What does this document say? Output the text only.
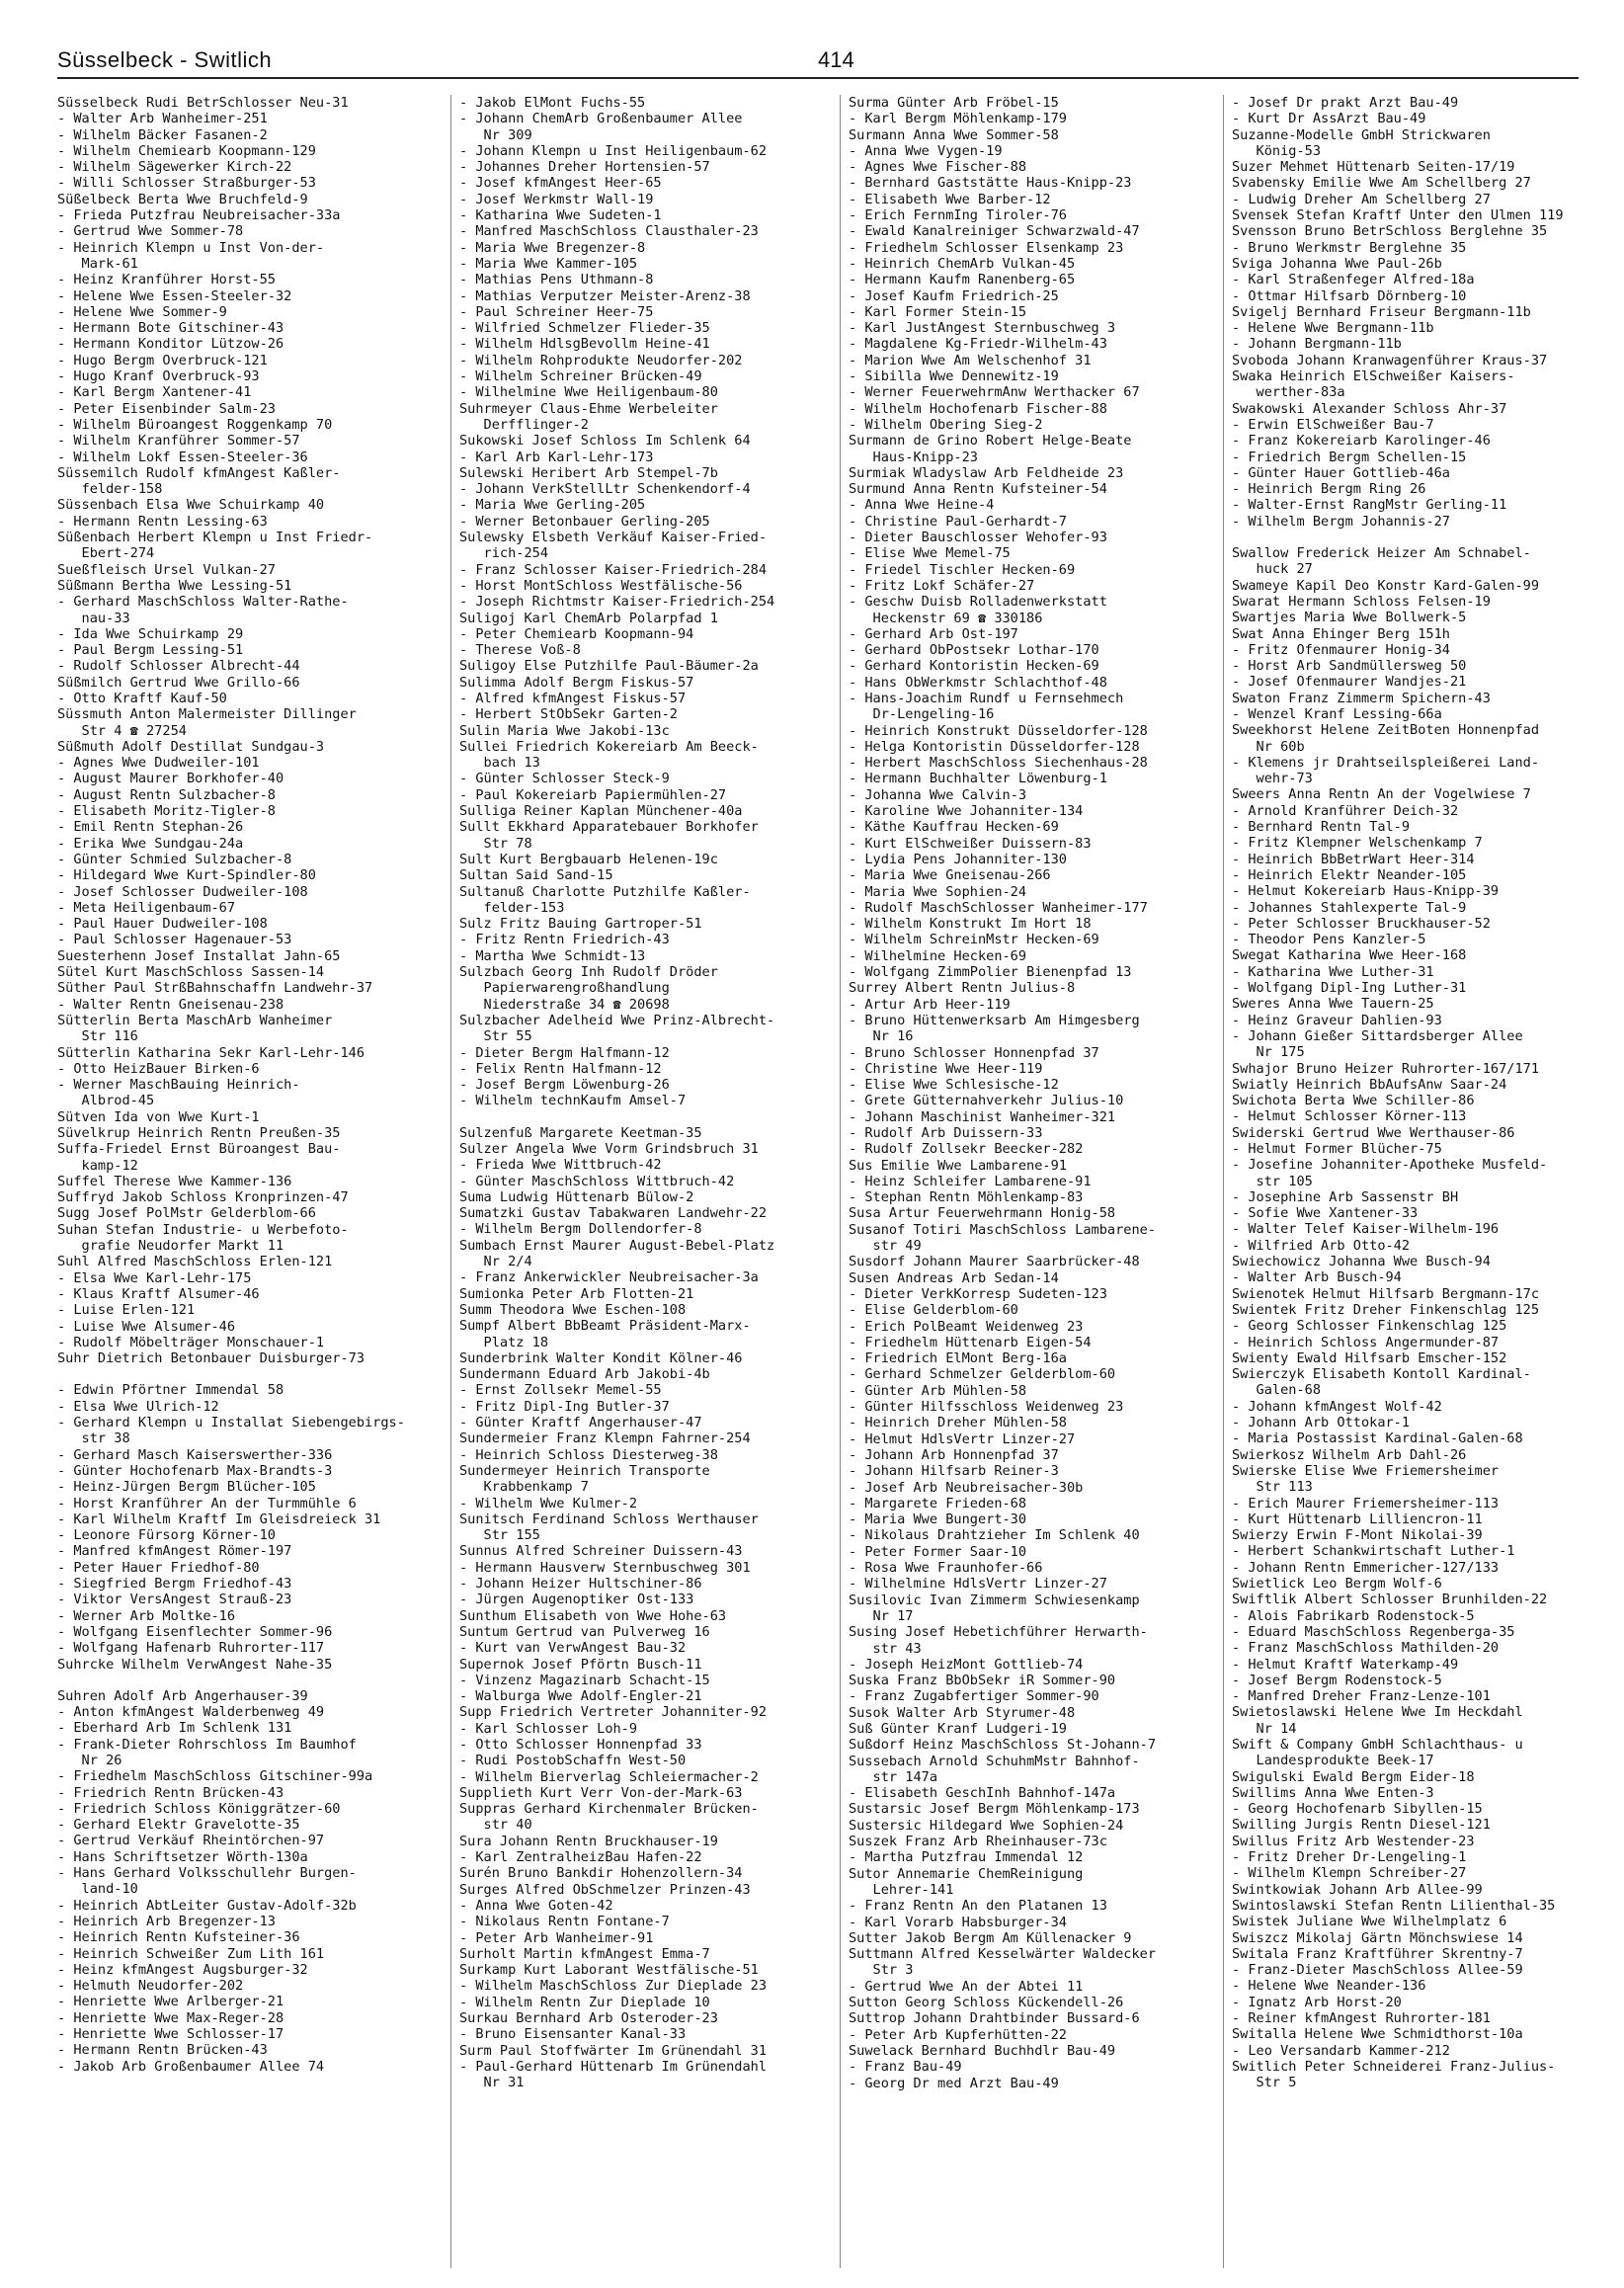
Süsselbeck - Switlich	414
Süsselbeck Rudi BetrSchlosser Neu-31
- Walter Arb Wanheimer-251
- Wilhelm Bäcker Fasanen-2
- Wilhelm Chemiearb Koopmann-129
- Wilhelm Sägewerker Kirch-22
- Willi Schlosser Straßburger-53
Süßelbeck Berta Wwe Bruchfeld-9
- Frieda Putzfrau Neubreisacher-33a
- Gertrud Wwe Sommer-78
- Heinrich Klempn u Inst Von-der-
Mark-61
- Heinz Kranführer Horst-55
- Helene Wwe Essen-Steeler-32
- Helene Wwe Sommer-9
- Hermann Bote Gitschiner-43
- Hermann Konditor Lützow-26
- Hugo Bergm Overbruck-121
- Hugo Kranf Overbruck-93
- Karl Bergm Xantener-41
- Peter Eisenbinder Salm-23
- Wilhelm Büroangest Roggenkamp 70
- Wilhelm Kranführer Sommer-57
- Wilhelm Lokf Essen-Steeler-36
Süssemilch Rudolf kfmAngest Kaßler-
felder-158
Süssenbach Elsa Wwe Schuirkamp 40
- Hermann Rentn Lessing-63
Süßenbach Herbert Klempn u Inst Friedr-
Ebert-274
Sueßfleisch Ursel Vulkan-27
Süßmann Bertha Wwe Lessing-51
- Gerhard MaschSchloss Walter-Rathe-
nau-33
- Ida Wwe Schuirkamp 29
- Paul Bergm Lessing-51
- Rudolf Schlosser Albrecht-44
Süßmilch Gertrud Wwe Grillo-66
- Otto Kraftf Kauf-50
Süssmuth Anton Malermeister Dillinger
Str 4 ☎ 27254
Süßmuth Adolf Destillat Sundgau-3
- Agnes Wwe Dudweiler-101
- August Maurer Borkhofer-40
- August Rentn Sulzbacher-8
- Elisabeth Moritz-Tigler-8
- Emil Rentn Stephan-26
- Erika Wwe Sundgau-24a
- Günter Schmied Sulzbacher-8
- Hildegard Wwe Kurt-Spindler-80
- Josef Schlosser Dudweiler-108
- Meta Heiligenbaum-67
- Paul Hauer Dudweiler-108
- Paul Schlosser Hagenauer-53
Suesterhenn Josef Installat Jahn-65
Sütel Kurt MaschSchloss Sassen-14
Süther Paul StrßBahnschaffn Landwehr-37
- Walter Rentn Gneisenau-238
Sütterlin Berta MaschArb Wanheimer
Str 116
Sütterlin Katharina Sekr Karl-Lehr-146
- Otto HeizBauer Birken-6
- Werner MaschBauing Heinrich-
Albrod-45
Sütven Ida von Wwe Kurt-1
Süvelkrup Heinrich Rentn Preußen-35
Suffa-Friedel Ernst Büroangest Bau-
kamp-12
Suffel Therese Wwe Kammer-136
Suffryd Jakob Schloss Kronprinzen-47
Sugg Josef PolMstr Gelderblom-66
Suhan Stefan Industrie- u Werbefoto-
grafie Neudorfer Markt 11
Suhl Alfred MaschSchloss Erlen-121
- Elsa Wwe Karl-Lehr-175
- Klaus Kraftf Alsumer-46
- Luise Erlen-121
- Luise Wwe Alsumer-46
- Rudolf Möbelträger Monschauer-1
Suhr Dietrich Betonbauer Duisburger-73
- Edwin Pförtner Immendal 58
- Elsa Wwe Ulrich-12
- Gerhard Klempn u Installat Siebengebirgs-
str 38
- Gerhard Masch Kaiserswerther-336
- Günter Hochofenarb Max-Brandts-3
- Heinz-Jürgen Bergm Blücher-105
- Horst Kranführer An der Turmmühle 6
- Karl Wilhelm Kraftf Im Gleisdreieck 31
- Leonore Fürsorg Körner-10
- Manfred kfmAngest Römer-197
- Peter Hauer Friedhof-80
- Siegfried Bergm Friedhof-43
- Viktor VersAngest Strauß-23
- Werner Arb Moltke-16
- Wolfgang Eisenflechter Sommer-96
- Wolfgang Hafenarb Ruhrorter-117
Suhrcke Wilhelm VerwAngest Nahe-35
Suhren Adolf Arb Angerhauser-39
- Anton kfmAngest Walderbenweg 49
- Eberhard Arb Im Schlenk 131
- Frank-Dieter Rohrschloss Im Baumhof
Nr 26
- Friedhelm MaschSchloss Gitschiner-99a
- Friedrich Rentn Brücken-43
- Friedrich Schloss Königgrätzer-60
- Gerhard Elektr Gravelotte-35
- Gertrud Verkäuf Rheintörchen-97
- Hans Schriftsetzer Wörth-130a
- Hans Gerhard Volksschullehr Burgen-
land-10
- Heinrich AbtLeiter Gustav-Adolf-32b
- Heinrich Arb Bregenzer-13
- Heinrich Rentn Kufsteiner-36
- Heinrich Schweißer Zum Lith 161
- Heinz kfmAngest Augsburger-32
- Helmuth Neudorfer-202
- Henriette Wwe Arlberger-21
- Henriette Wwe Max-Reger-28
- Henriette Wwe Schlosser-17
- Hermann Rentn Brücken-43
- Jakob Arb Großenbaumer Allee 74
- Jakob ElMont Fuchs-55
- Johann ChemArb Großenbaumer Allee
Nr 309
- Johann Klempn u Inst Heiligenbaum-62
- Johannes Dreher Hortensien-57
- Josef kfmAngest Heer-65
- Josef Werkmstr Wall-19
- Katharina Wwe Sudeten-1
- Manfred MaschSchloss Clausthaler-23
- Maria Wwe Bregenzer-8
- Maria Wwe Kammer-105
- Mathias Pens Uthmann-8
- Mathias Verputzer Meister-Arenz-38
- Paul Schreiner Heer-75
- Wilfried Schmelzer Flieder-35
- Wilhelm HdlsgBevollm Heine-41
- Wilhelm Rohprodukte Neudorfer-202
- Wilhelm Schreiner Brücken-49
- Wilhelmine Wwe Heiligenbaum-80
Suhrmeyer Claus-Ehme Werbeleiter
Derfflinger-2
Sukowski Josef Schloss Im Schlenk 64
- Karl Arb Karl-Lehr-173
Sulewski Heribert Arb Stempel-7b
- Johann VerkStellLtr Schenkendorf-4
- Maria Wwe Gerling-205
- Werner Betonbauer Gerling-205
Sulewsky Elsbeth Verkäuf Kaiser-Fried-
rich-254
- Franz Schlosser Kaiser-Friedrich-284
- Horst MontSchloss Westfälische-56
- Joseph Richtmstr Kaiser-Friedrich-254
Suligoj Karl ChemArb Polarpfad 1
- Peter Chemiearb Koopmann-94
- Therese Voß-8
Suligoy Else Putzhilfe Paul-Bäumer-2a
Sulimma Adolf Bergm Fiskus-57
- Alfred kfmAngest Fiskus-57
- Herbert StObSekr Garten-2
Sulin Maria Wwe Jakobi-13c
Sullei Friedrich Kokereiarb Am Beeck-
bach 13
- Günter Schlosser Steck-9
- Paul Kokereiarb Papiermühlen-27
Sulliga Reiner Kaplan Münchener-40a
Sullt Ekkhard Apparatebauer Borkhofer
Str 78
Sult Kurt Bergbauarb Helenen-19c
Sultan Said Sand-15
Sultanuß Charlotte Putzhilfe Kaßler-
felder-153
Sulz Fritz Bauing Gartroper-51
- Fritz Rentn Friedrich-43
- Martha Wwe Schmidt-13
Sulzbach Georg Inh Rudolf Dröder
Papierwarengroßhandlung
Niederstraße 34 ☎ 20698
Sulzbacher Adelheid Wwe Prinz-Albrecht-
Str 55
- Dieter Bergm Halfmann-12
- Felix Rentn Halfmann-12
- Josef Bergm Löwenburg-26
- Wilhelm technKaufm Amsel-7
Sulzenfuß Margarete Keetman-35
Sulzer Angela Wwe Vorm Grindsbruch 31
- Frieda Wwe Wittbruch-42
- Günter MaschSchloss Wittbruch-42
Suma Ludwig Hüttenarb Bülow-2
Sumatzki Gustav Tabakwaren Landwehr-22
- Wilhelm Bergm Dollendorfer-8
Sumbach Ernst Maurer August-Bebel-Platz
Nr 2/4
- Franz Ankerwickler Neubreisacher-3a
Sumionka Peter Arb Flotten-21
Summ Theodora Wwe Eschen-108
Sumpf Albert BbBeamt Präsident-Marx-
Platz 18
Sunderbrink Walter Kondit Kölner-46
Sundermann Eduard Arb Jakobi-4b
- Ernst Zollsekr Memel-55
- Fritz Dipl-Ing Butler-37
- Günter Kraftf Angerhauser-47
Sundermeier Franz Klempn Fahrner-254
- Heinrich Schloss Diesterweg-38
Sundermeyer Heinrich Transporte
Krabbenkamp 7
- Wilhelm Wwe Kulmer-2
Sunitsch Ferdinand Schloss Werthauser
Str 155
Sunnus Alfred Schreiner Duissern-43
- Hermann Hausverw Sternbuschweg 301
- Johann Heizer Hultschiner-86
- Jürgen Augenoptiker Ost-133
Sunthum Elisabeth von Wwe Hohe-63
Suntum Gertrud van Pulverweg 16
- Kurt van VerwAngest Bau-32
Supernok Josef Pförtn Busch-11
- Vinzenz Magazinarb Schacht-15
- Walburga Wwe Adolf-Engler-21
Supp Friedrich Vertreter Johanniter-92
- Karl Schlosser Loh-9
- Otto Schlosser Honnenpfad 33
- Rudi PostobSchaffn West-50
- Wilhelm Bierverlag Schleiermacher-2
Supplieth Kurt Verr Von-der-Mark-63
Suppras Gerhard Kirchenmaler Brücken-
str 40
Sura Johann Rentn Bruckhauser-19
- Karl ZentralheizBau Hafen-22
Surén Bruno Bankdir Hohenzollern-34
Surges Alfred ObSchmelzer Prinzen-43
- Anna Wwe Goten-42
- Nikolaus Rentn Fontane-7
- Peter Arb Wanheimer-91
Surholt Martin kfmAngest Emma-7
Surkamp Kurt Laborant Westfälische-51
- Wilhelm MaschSchloss Zur Dieplade 23
- Wilhelm Rentn Zur Dieplade 10
Surkau Bernhard Arb Osteroder-23
- Bruno Eisensanter Kanal-33
Surm Paul Stoffwärter Im Grünendahl 31
- Paul-Gerhard Hüttenarb Im Grünendahl
Nr 31
Surma Günter Arb Fröbel-15
- Karl Bergm Möhlenkamp-179
Surmann Anna Wwe Sommer-58
- Anna Wwe Vygen-19
- Agnes Wwe Fischer-88
- Bernhard Gaststätte Haus-Knipp-23
- Elisabeth Wwe Barber-12
- Erich FernmIng Tiroler-76
- Ewald Kanalreiniger Schwarzwald-47
- Friedhelm Schlosser Elsenkamp 23
- Heinrich ChemArb Vulkan-45
- Hermann Kaufm Ranenberg-65
- Josef Kaufm Friedrich-25
- Karl Former Stein-15
- Karl JustAngest Sternbuschweg 3
- Magdalene Kg-Friedr-Wilhelm-43
- Marion Wwe Am Welschenhof 31
- Sibilla Wwe Dennewitz-19
- Werner FeuerwehrmAnw Werthacker 67
- Wilhelm Hochofenarb Fischer-88
- Wilhelm Obering Sieg-2
Surmann de Grino Robert Helge-Beate
Haus-Knipp-23
Surmiak Wladyslaw Arb Feldheide 23
Surmund Anna Rentn Kufsteiner-54
- Anna Wwe Heine-4
- Christine Paul-Gerhardt-7
- Dieter Bauschlosser Wehofer-93
- Elise Wwe Memel-75
- Friedel Tischler Hecken-69
- Fritz Lokf Schäfer-27
- Geschw Duisb Rolladenwerkstatt
Heckenstr 69 ☎ 330186
- Gerhard Arb Ost-197
- Gerhard ObPostsekr Lothar-170
- Gerhard Kontoristin Hecken-69
- Hans ObWerkmstr Schlachthof-48
- Hans-Joachim Rundf u Fernsehmech
Dr-Lengeling-16
- Heinrich Konstrukt Düsseldorfer-128
- Helga Kontoristin Düsseldorfer-128
- Herbert MaschSchloss Siechenhaus-28
- Hermann Buchhalter Löwenburg-1
- Johanna Wwe Calvin-3
- Karoline Wwe Johanniter-134
- Käthe Kauffrau Hecken-69
- Kurt ElSchweißer Duissern-83
- Lydia Pens Johanniter-130
- Maria Wwe Gneisenau-266
- Maria Wwe Sophien-24
- Rudolf MaschSchlosser Wanheimer-177
- Wilhelm Konstrukt Im Hort 18
- Wilhelm SchreinMstr Hecken-69
- Wilhelmine Hecken-69
- Wolfgang ZimmPolier Bienenpfad 13
Surrey Albert Rentn Julius-8
- Artur Arb Heer-119
- Bruno Hüttenwerksarb Am Himgesberg
Nr 16
- Bruno Schlosser Honnenpfad 37
- Christine Wwe Heer-119
- Elise Wwe Schlesische-12
- Grete Gütternahverkehr Julius-10
- Johann Maschinist Wanheimer-321
- Rudolf Arb Duissern-33
- Rudolf Zollsekr Beecker-282
Sus Emilie Wwe Lambarene-91
- Heinz Schleifer Lambarene-91
- Stephan Rentn Möhlenkamp-83
Susa Artur Feuerwehrmann Honig-58
Susanof Totiri MaschSchloss Lambarene-
str 49
Susdorf Johann Maurer Saarbrücker-48
Susen Andreas Arb Sedan-14
- Dieter VerkKorresp Sudeten-123
- Elise Gelderblom-60
- Erich PolBeamt Weidenweg 23
- Friedhelm Hüttenarb Eigen-54
- Friedrich ElMont Berg-16a
- Gerhard Schmelzer Gelderblom-60
- Günter Arb Mühlen-58
- Günter Hilfsschloss Weidenweg 23
- Heinrich Dreher Mühlen-58
- Helmut HdlsVertr Linzer-27
- Johann Arb Honnenpfad 37
- Johann Hilfsarb Reiner-3
- Josef Arb Neubreisacher-30b
- Margarete Frieden-68
- Maria Wwe Bungert-30
- Nikolaus Drahtzieher Im Schlenk 40
- Peter Former Saar-10
- Rosa Wwe Fraunhofer-66
- Wilhelmine HdlsVertr Linzer-27
Susilovic Ivan Zimmerm Schwiesenkamp
Nr 17
Susing Josef Hebetichführer Herwarth-
str 43
- Joseph HeizMont Gottlieb-74
Suska Franz BbObSekr iR Sommer-90
- Franz Zugabfertiger Sommer-90
Susok Walter Arb Styrumer-48
Suß Günter Kranf Ludgeri-19
Sußdorf Heinz MaschSchloss St-Johann-7
Sussebach Arnold SchuhmMstr Bahnhof-
str 147a
- Elisabeth GeschInh Bahnhof-147a
Sustarsic Josef Bergm Möhlenkamp-173
Sustersic Hildegard Wwe Sophien-24
Suszek Franz Arb Rheinhauser-73c
- Martha Putzfrau Immendal 12
Sutor Annemarie ChemReinigung
Lehrer-141
- Franz Rentn An den Platanen 13
- Karl Vorarb Habsburger-34
Sutter Jakob Bergm Am Küllenacker 9
Suttmann Alfred Kesselwärter Waldecker
Str 3
- Gertrud Wwe An der Abtei 11
Sutton Georg Schloss Kückendell-26
Suttrop Johann Drahtbinder Bussard-6
- Peter Arb Kupferhütten-22
Suwelack Bernhard Buchhdlr Bau-49
- Franz Bau-49
- Georg Dr med Arzt Bau-49
- Josef Dr prakt Arzt Bau-49
- Kurt Dr AssArzt Bau-49
Suzanne-Modelle GmbH Strickwaren
König-53
Suzer Mehmet Hüttenarb Seiten-17/19
Svabensky Emilie Wwe Am Schellberg 27
- Ludwig Dreher Am Schellberg 27
Svensek Stefan Kraftf Unter den Ulmen 119
Svensson Bruno BetrSchloss Berglehne 35
- Bruno Werkmstr Berglehne 35
Sviga Johanna Wwe Paul-26b
- Karl Straßenfeger Alfred-18a
- Ottmar Hilfsarb Dörnberg-10
Svigelj Bernhard Friseur Bergmann-11b
- Helene Wwe Bergmann-11b
- Johann Bergmann-11b
Svoboda Johann Kranwagenführer Kraus-37
Swaka Heinrich ElSchweißer Kaisers-
werther-83a
Swakowski Alexander Schloss Ahr-37
- Erwin ElSchweißer Bau-7
- Franz Kokereiarb Karolinger-46
- Friedrich Bergm Schellen-15
- Günter Hauer Gottlieb-46a
- Heinrich Bergm Ring 26
- Walter-Ernst RangMstr Gerling-11
- Wilhelm Bergm Johannis-27
Swallow Frederick Heizer Am Schnabel-
huck 27
Swameye Kapil Deo Konstr Kard-Galen-99
Swarat Hermann Schloss Felsen-19
Swartjes Maria Wwe Bollwerk-5
Swat Anna Ehinger Berg 151h
- Fritz Ofenmaurer Honig-34
- Horst Arb Sandmüllersweg 50
- Josef Ofenmaurer Wandjes-21
Swaton Franz Zimmerm Spichern-43
- Wenzel Kranf Lessing-66a
Sweekhorst Helene ZeitBoten Honnenpfad
Nr 60b
- Klemens jr Drahtseilspleißerei Land-
wehr-73
Sweers Anna Rentn An der Vogelwiese 7
- Arnold Kranführer Deich-32
- Bernhard Rentn Tal-9
- Fritz Klempner Welschenkamp 7
- Heinrich BbBetrWart Heer-314
- Heinrich Elektr Neander-105
- Helmut Kokereiarb Haus-Knipp-39
- Johannes Stahlexperte Tal-9
- Peter Schlosser Bruckhauser-52
- Theodor Pens Kanzler-5
Swegat Katharina Wwe Heer-168
- Katharina Wwe Luther-31
- Wolfgang Dipl-Ing Luther-31
Sweres Anna Wwe Tauern-25
- Heinz Graveur Dahlien-93
- Johann Gießer Sittardsberger Allee
Nr 175
Swhajor Bruno Heizer Ruhrorter-167/171
Swiatly Heinrich BbAufsAnw Saar-24
Swichota Berta Wwe Schiller-86
- Helmut Schlosser Körner-113
Swiderski Gertrud Wwe Werthauser-86
- Helmut Former Blücher-75
- Josefine Johanniter-Apotheke Musfeld-
str 105
- Josephine Arb Sassenstr BH
- Sofie Wwe Xantener-33
- Walter Telef Kaiser-Wilhelm-196
- Wilfried Arb Otto-42
Swiechowicz Johanna Wwe Busch-94
- Walter Arb Busch-94
Swienotek Helmut Hilfsarb Bergmann-17c
Swientek Fritz Dreher Finkenschlag 125
- Georg Schlosser Finkenschlag 125
- Heinrich Schloss Angermunder-87
Swienty Ewald Hilfsarb Emscher-152
Swierczyk Elisabeth Kontoll Kardinal-
Galen-68
- Johann kfmAngest Wolf-42
- Johann Arb Ottokar-1
- Maria Postassist Kardinal-Galen-68
Swierkosz Wilhelm Arb Dahl-26
Swierske Elise Wwe Friemersheimer
Str 113
- Erich Maurer Friemersheimer-113
- Kurt Hüttenarb Lilliencron-11
Swierzy Erwin F-Mont Nikolai-39
- Herbert Schankwirtschaft Luther-1
- Johann Rentn Emmericher-127/133
Swietlick Leo Bergm Wolf-6
Swiftlik Albert Schlosser Brunhilden-22
- Alois Fabrikarb Rodenstock-5
- Eduard MaschSchloss Regenberga-35
- Franz MaschSchloss Mathilden-20
- Helmut Kraftf Waterkamp-49
- Josef Bergm Rodenstock-5
- Manfred Dreher Franz-Lenze-101
Swietoslawski Helene Wwe Im Heckdahl
Nr 14
Swift & Company GmbH Schlachthaus- u
Landesprodukte Beek-17
Swigulski Ewald Bergm Eider-18
Swillims Anna Wwe Enten-3
- Georg Hochofenarb Sibyllen-15
Swilling Jurgis Rentn Diesel-121
Swillus Fritz Arb Westender-23
- Fritz Dreher Dr-Lengeling-1
- Wilhelm Klempn Schreiber-27
Swintkowiak Johann Arb Allee-99
Swintoslawski Stefan Rentn Lilienthal-35
Swistek Juliane Wwe Wilhelmplatz 6
Swiszcz Mikolaj Gärtn Mönchswiese 14
Switala Franz Kraftführer Skrentny-7
- Franz-Dieter MaschSchloss Allee-59
- Helene Wwe Neander-136
- Ignatz Arb Horst-20
- Reiner kfmAngest Ruhrorter-181
Switalla Helene Wwe Schmidthorst-10a
- Leo Versandarb Kammer-212
Switlich Peter Schneiderei Franz-Julius-
Str 5
